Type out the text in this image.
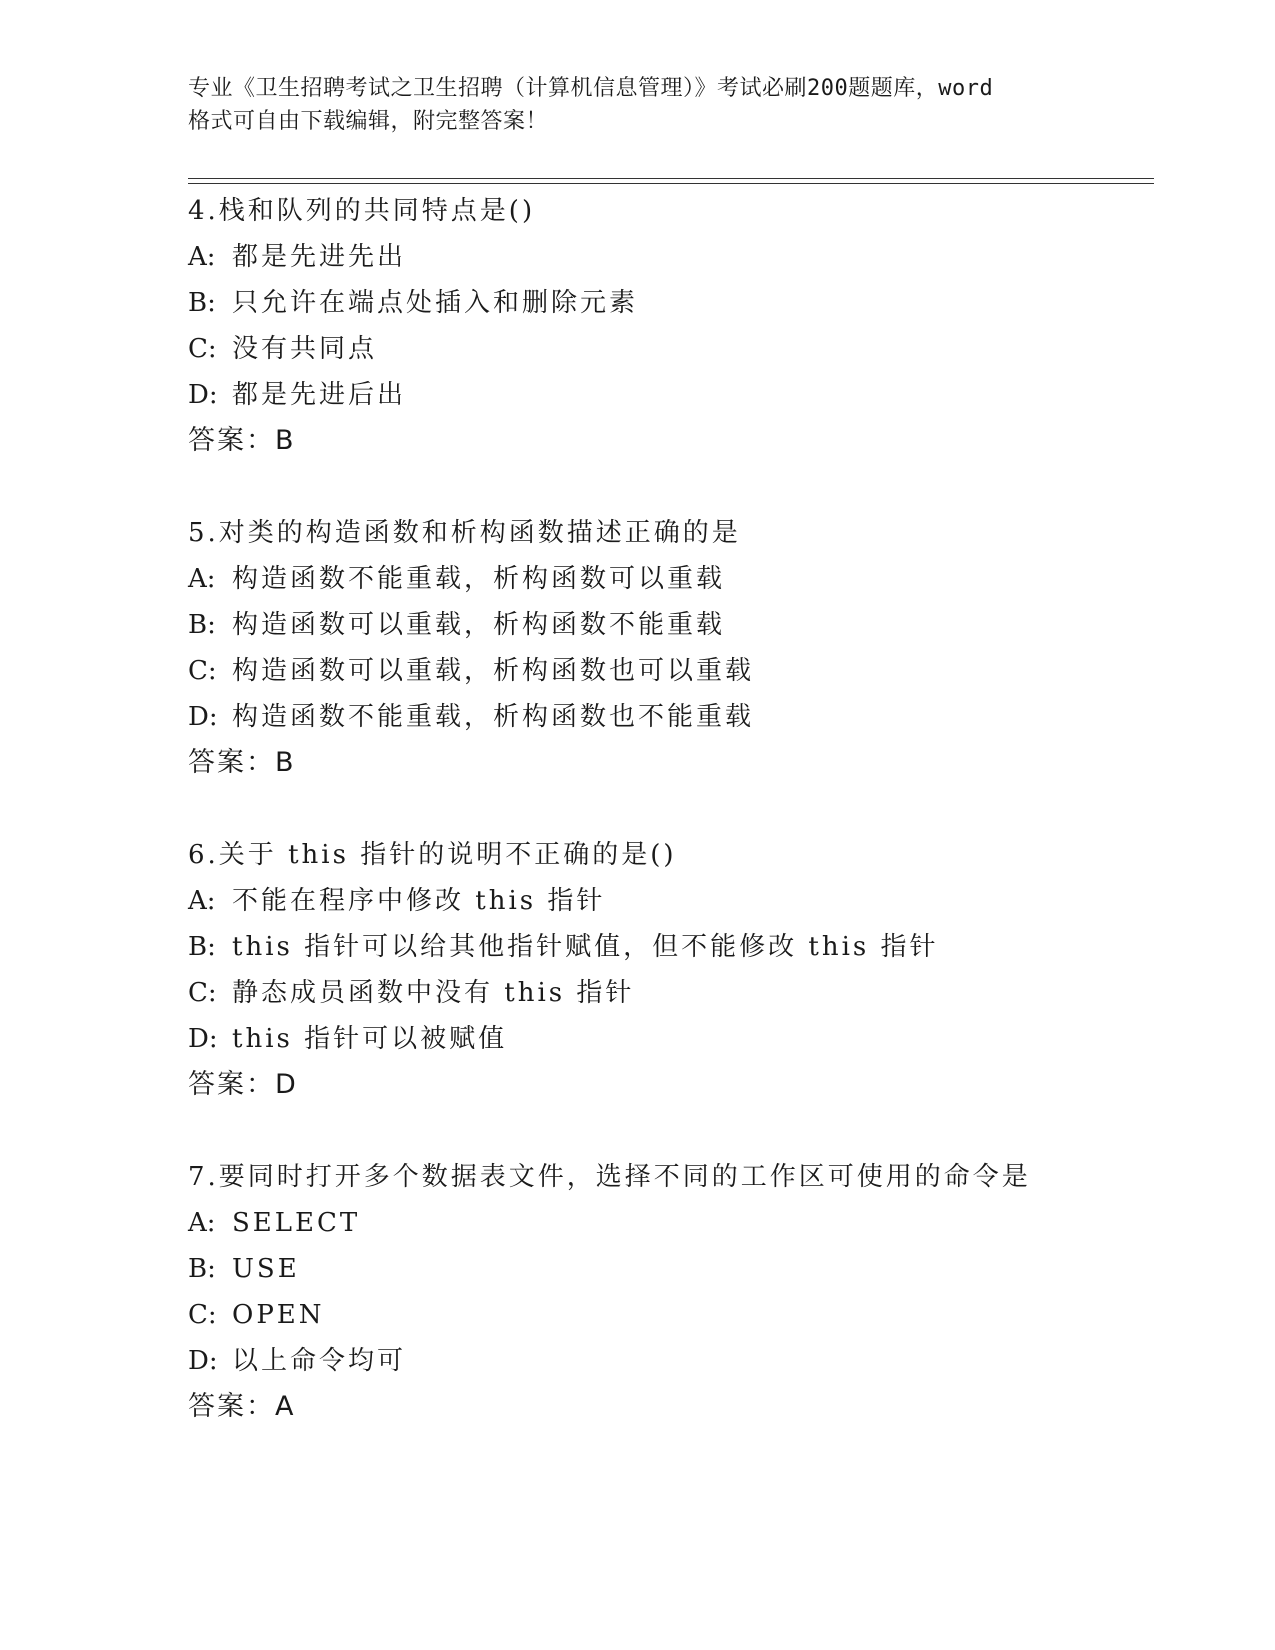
专业《卫生招聘考试之卫生招聘（计算机信息管理）》考试必刷200题题库，word
格式可自由下载编辑，附完整答案！
4.栈和队列的共同特点是()
A: 都是先进先出
B: 只允许在端点处插入和删除元素
C: 没有共同点
D: 都是先进后出
答案：B
5.对类的构造函数和析构函数描述正确的是
A: 构造函数不能重载，析构函数可以重载
B: 构造函数可以重载，析构函数不能重载
C: 构造函数可以重载，析构函数也可以重载
D: 构造函数不能重载，析构函数也不能重载
答案：B
6.关于 this 指针的说明不正确的是()
A: 不能在程序中修改 this 指针
B: this 指针可以给其他指针赋值，但不能修改 this 指针
C: 静态成员函数中没有 this 指针
D: this 指针可以被赋值
答案：D
7.要同时打开多个数据表文件，选择不同的工作区可使用的命令是
A: SELECT
B: USE
C: OPEN
D: 以上命令均可
答案：A
